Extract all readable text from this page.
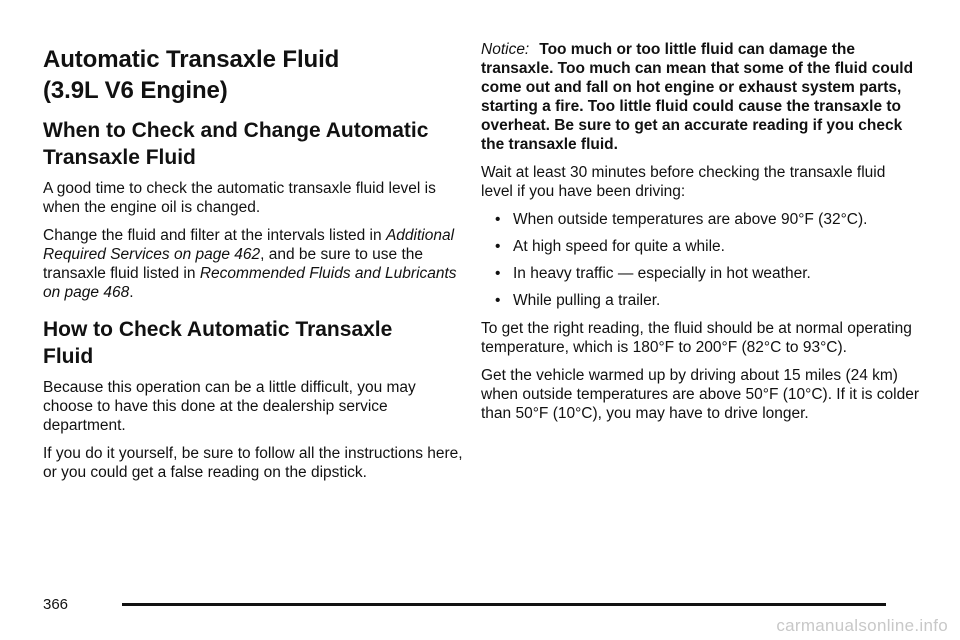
Automatic Transaxle Fluid
(3.9L V6 Engine)
When to Check and Change Automatic
Transaxle Fluid

A good time to check the automatic transaxle fluid level is when the engine oil is changed.

Change the fluid and filter at the intervals listed in Additional Required Services on page 462, and be sure to use the transaxle fluid listed in Recommended Fluids and Lubricants on page 468.

How to Check Automatic Transaxle
Fluid

Because this operation can be a little difficult, you may choose to have this done at the dealership service department.

If you do it yourself, be sure to follow all the instructions here, or you could get a false reading on the dipstick.

Notice: Too much or too little fluid can damage the transaxle. Too much can mean that some of the fluid could come out and fall on hot engine or exhaust system parts, starting a fire. Too little fluid could cause the transaxle to overheat. Be sure to get an accurate reading if you check the transaxle fluid.

Wait at least 30 minutes before checking the transaxle fluid level if you have been driving:

• When outside temperatures are above 90°F (32°C).
• At high speed for quite a while.
• In heavy traffic — especially in hot weather.
• While pulling a trailer.

To get the right reading, the fluid should be at normal operating temperature, which is 180°F to 200°F (82°C to 93°C).

Get the vehicle warmed up by driving about 15 miles (24 km) when outside temperatures are above 50°F (10°C). If it is colder than 50°F (10°C), you may have to drive longer.

366
carmanualsonline.info
